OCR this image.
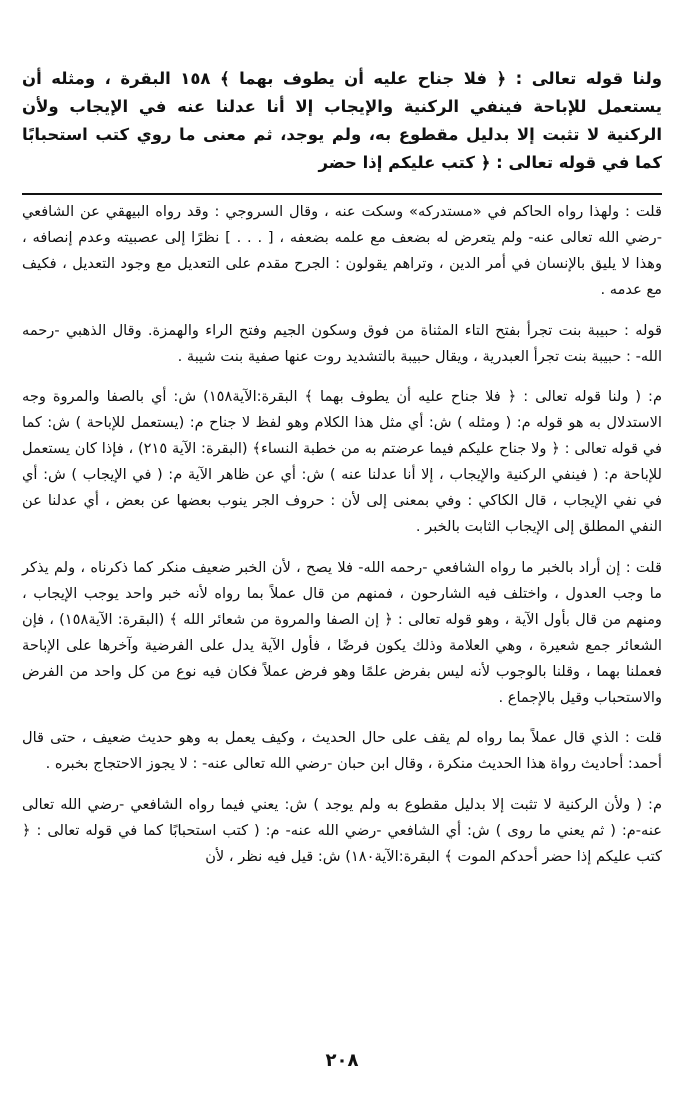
ولنا قوله تعالى : ﴿ فلا جناح عليه أن يطوف بهما ﴾ ١٥٨ البقرة ، ومثله أن يستعمل للإباحة فينفي الركنية والإيجاب إلا أنا عدلنا عنه في الإيجاب ولأن الركنية لا تثبت إلا بدليل مقطوع به، ولم يوجد، ثم معنى ما روي كتب استحبابًا كما في قوله تعالى : ﴿ كتب عليكم إذا حضر

قلت : ولهذا رواه الحاكم في «مستدركه» وسكت عنه ، وقال السروجي : وقد رواه البيهقي عن الشافعي -رضي الله تعالى عنه- ولم يتعرض له بضعف مع علمه بضعفه ، [ . . . ] نظرًا إلى عصبيته وعدم إنصافه ، وهذا لا يليق بالإنسان في أمر الدين ، وتراهم يقولون : الجرح مقدم على التعديل مع وجود التعديل ، فكيف مع عدمه .

قوله : حبيبة بنت تجرأ بفتح التاء المثناة من فوق وسكون الجيم وفتح الراء والهمزة. وقال الذهبي -رحمه الله- : حبيبة بنت تجرأ العبدرية ، ويقال حبيبة بالتشديد روت عنها صفية بنت شيبة .

م: ( ولنا قوله تعالى : ﴿ فلا جناح عليه أن يطوف بهما ﴾ البقرة:الآية١٥٨) ش: أي بالصفا والمروة وجه الاستدلال به هو قوله م: ( ومثله ) ش: أي مثل هذا الكلام وهو لفظ لا جناح م: (يستعمل للإباحة ) ش: كما في قوله تعالى : ﴿ ولا جناح عليكم فيما عرضتم به من خطبة النساء﴾ (البقرة: الآية ٢١٥) ، فإذا كان يستعمل للإباحة م: ( فينفي الركنية والإيجاب ، إلا أنا عدلنا عنه ) ش: أي عن ظاهر الآية م: ( في الإيجاب ) ش: أي في نفي الإيجاب ، قال الكاكي : وفي بمعنى إلى لأن : حروف الجر ينوب بعضها عن بعض ، أي عدلنا عن النفي المطلق إلى الإيجاب الثابت بالخبر .

قلت : إن أراد بالخبر ما رواه الشافعي -رحمه الله- فلا يصح ، لأن الخبر ضعيف منكر كما ذكرناه ، ولم يذكر ما وجب العدول ، واختلف فيه الشارحون ، فمنهم من قال عملاً بما رواه لأنه خبر واحد يوجب الإيجاب ، ومنهم من قال بأول الآية ، وهو قوله تعالى : ﴿ إن الصفا والمروة من شعائر الله ﴾ (البقرة: الآية١٥٨) ، فإن الشعائر جمع شعيرة ، وهي العلامة وذلك يكون فرضًا ، فأول الآية يدل على الفرضية وآخرها على الإباحة فعملنا بهما ، وقلنا بالوجوب لأنه ليس بفرض علمًا وهو فرض عملاً فكان فيه نوع من كل واحد من الفرض والاستحباب وقيل بالإجماع .

قلت : الذي قال عملاً بما رواه لم يقف على حال الحديث ، وكيف يعمل به وهو حديث ضعيف ، حتى قال أحمد: أحاديث رواة هذا الحديث منكرة ، وقال ابن حبان -رضي الله تعالى عنه- : لا يجوز الاحتجاج بخبره .

م: ( ولأن الركنية لا تثبت إلا بدليل مقطوع به ولم يوجد ) ش: يعني فيما رواه الشافعي -رضي الله تعالى عنه-م: ( ثم يعني ما روى ) ش: أي الشافعي -رضي الله عنه- م: ( كتب استحبابًا كما في قوله تعالى : ﴿ كتب عليكم إذا حضر أحدكم الموت ﴾ البقرة:الآية١٨٠) ش: قيل فيه نظر ، لأن

٢٠٨
